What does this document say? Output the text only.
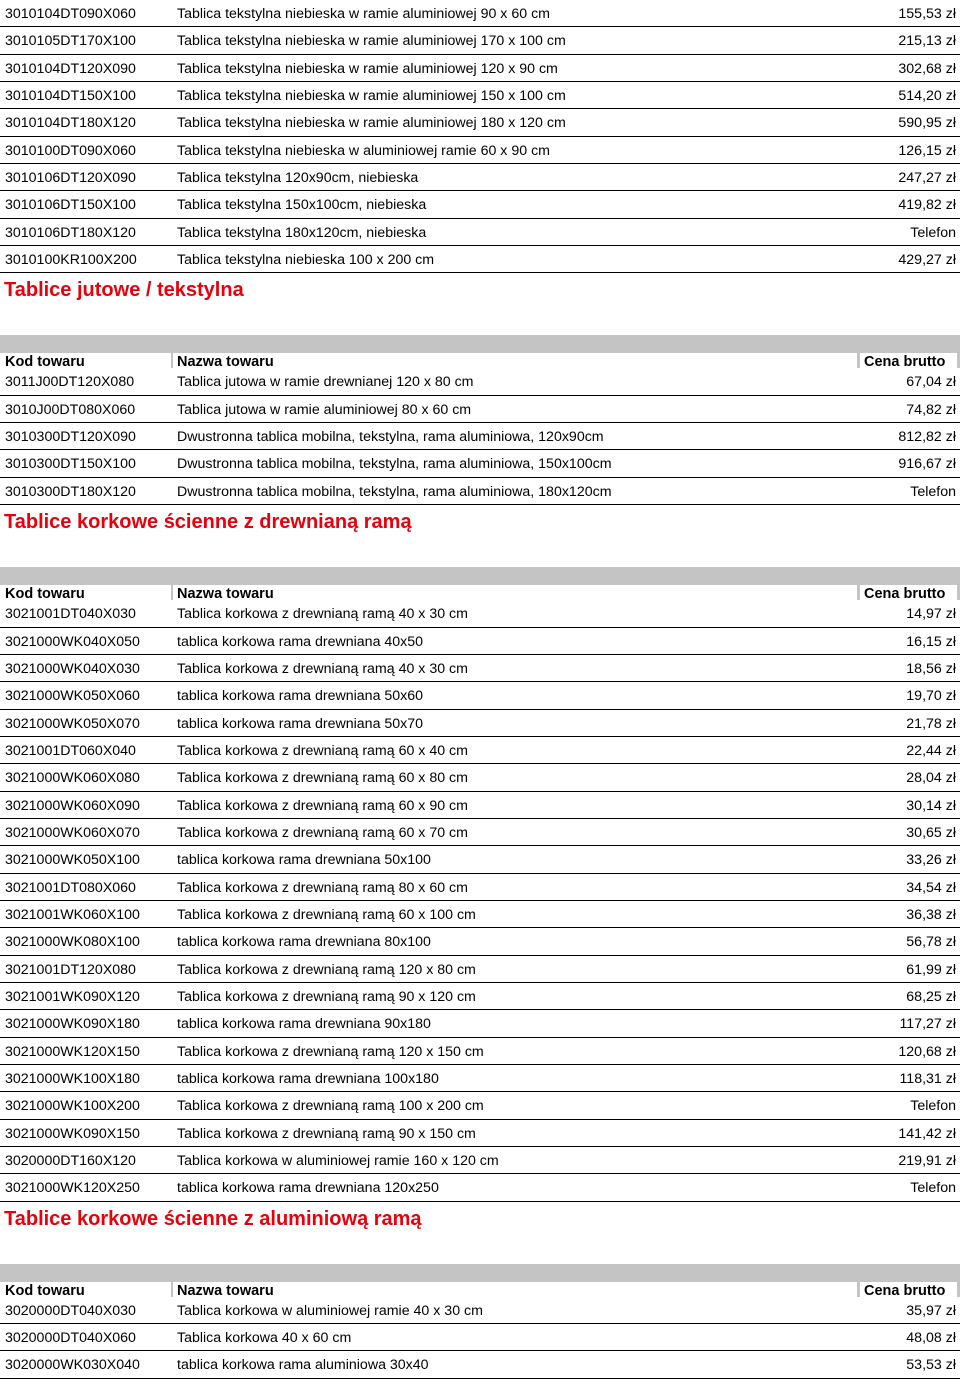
3010104DT090X060	Tablica tekstylna niebieska w ramie aluminiowej 90 x 60 cm	155,53 zł
3010105DT170X100	Tablica tekstylna niebieska w ramie aluminiowej 170 x 100 cm	215,13 zł
3010104DT120X090	Tablica tekstylna niebieska w ramie aluminiowej 120 x 90 cm	302,68 zł
3010104DT150X100	Tablica tekstylna niebieska w ramie aluminiowej 150 x 100 cm	514,20 zł
3010104DT180X120	Tablica tekstylna niebieska w ramie aluminiowej 180 x 120 cm	590,95 zł
3010100DT090X060	Tablica tekstylna niebieska w aluminiowej ramie 60 x 90 cm	126,15 zł
3010106DT120X090	Tablica tekstylna 120x90cm, niebieska	247,27 zł
3010106DT150X100	Tablica tekstylna 150x100cm, niebieska	419,82 zł
3010106DT180X120	Tablica tekstylna 180x120cm, niebieska	Telefon
3010100KR100X200	Tablica tekstylna niebieska 100 x 200 cm	429,27 zł
Tablice jutowe / tekstylna
Kod towaru	Nazwa towaru	Cena brutto
3011J00DT120X080	Tablica jutowa w ramie drewnianej 120 x 80 cm	67,04 zł
3010J00DT080X060	Tablica jutowa w ramie aluminiowej 80 x 60 cm	74,82 zł
3010300DT120X090	Dwustronna tablica mobilna, tekstylna, rama aluminiowa, 120x90cm	812,82 zł
3010300DT150X100	Dwustronna tablica mobilna, tekstylna, rama aluminiowa, 150x100cm	916,67 zł
3010300DT180X120	Dwustronna tablica mobilna, tekstylna, rama aluminiowa, 180x120cm	Telefon
Tablice korkowe ścienne z drewnianą ramą
Kod towaru	Nazwa towaru	Cena brutto
3021001DT040X030	Tablica korkowa z drewnianą ramą 40 x 30 cm	14,97 zł
3021000WK040X050	tablica korkowa rama drewniana 40x50	16,15 zł
3021000WK040X030	Tablica korkowa z drewnianą ramą 40 x 30 cm	18,56 zł
3021000WK050X060	tablica korkowa rama drewniana 50x60	19,70 zł
3021000WK050X070	tablica korkowa rama drewniana 50x70	21,78 zł
3021001DT060X040	Tablica korkowa z drewnianą ramą 60 x 40 cm	22,44 zł
3021000WK060X080	Tablica korkowa z drewnianą ramą 60 x 80 cm	28,04 zł
3021000WK060X090	Tablica korkowa z drewnianą ramą 60 x 90 cm	30,14 zł
3021000WK060X070	Tablica korkowa z drewnianą ramą 60 x 70 cm	30,65 zł
3021000WK050X100	tablica korkowa rama drewniana 50x100	33,26 zł
3021001DT080X060	Tablica korkowa z drewnianą ramą 80 x 60 cm	34,54 zł
3021001WK060X100	Tablica korkowa z drewnianą ramą 60 x 100 cm	36,38 zł
3021000WK080X100	tablica korkowa rama drewniana 80x100	56,78 zł
3021001DT120X080	Tablica korkowa z drewnianą ramą 120 x 80 cm	61,99 zł
3021001WK090X120	Tablica korkowa z drewnianą ramą 90 x 120 cm	68,25 zł
3021000WK090X180	tablica korkowa rama drewniana 90x180	117,27 zł
3021000WK120X150	Tablica korkowa z drewnianą ramą 120 x 150 cm	120,68 zł
3021000WK100X180	tablica korkowa rama drewniana 100x180	118,31 zł
3021000WK100X200	Tablica korkowa z drewnianą ramą 100 x 200 cm	Telefon
3021000WK090X150	Tablica korkowa z drewnianą ramą 90 x 150 cm	141,42 zł
3020000DT160X120	Tablica korkowa w aluminiowej ramie 160 x 120 cm	219,91 zł
3021000WK120X250	tablica korkowa rama drewniana 120x250	Telefon
Tablice korkowe ścienne z aluminiową ramą
Kod towaru	Nazwa towaru	Cena brutto
3020000DT040X030	Tablica korkowa w aluminiowej ramie 40 x 30 cm	35,97 zł
3020000DT040X060	Tablica korkowa 40 x 60 cm	48,08 zł
3020000WK030X040	tablica korkowa rama aluminiowa 30x40	53,53 zł
